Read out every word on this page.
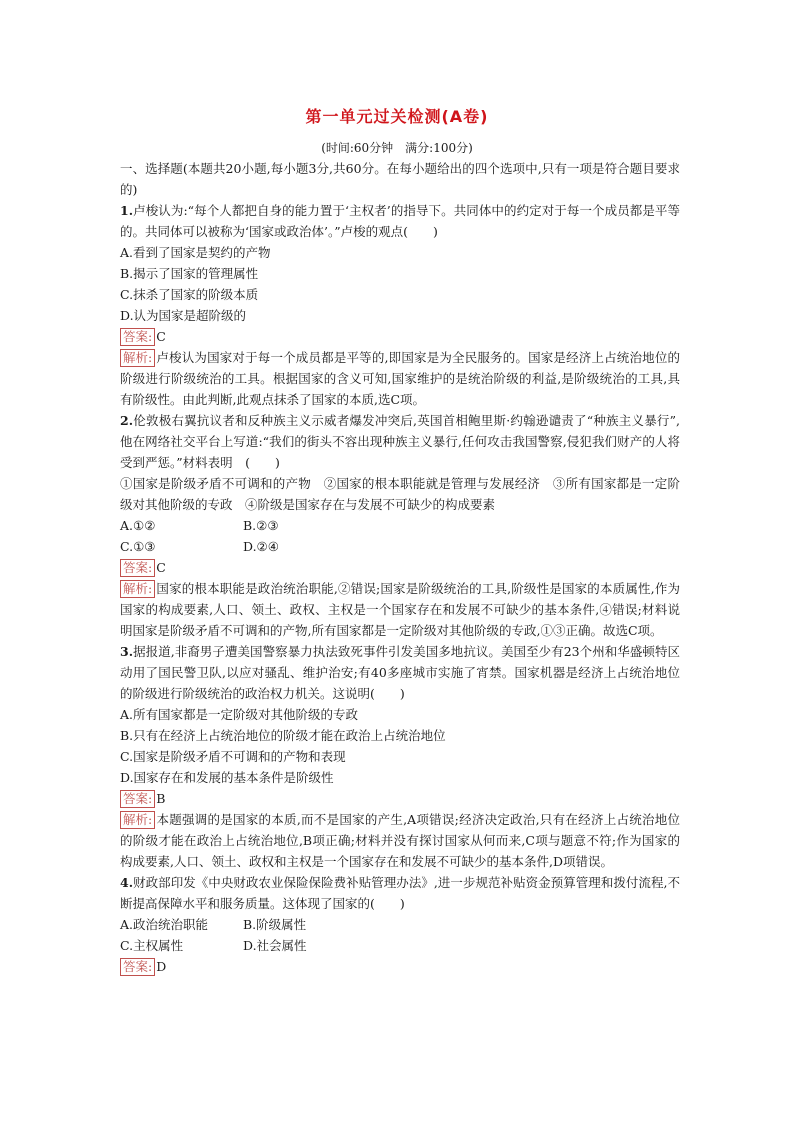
第一单元过关检测(A卷)
(时间:60分钟　满分:100分)

一、选择题(本题共20小题,每小题3分,共60分。在每小题给出的四个选项中,只有一项是符合题目要求的)

1.卢梭认为:“每个人都把自身的能力置于‘主权者’的指导下。共同体中的约定对于每一个成员都是平等的。共同体可以被称为‘国家或政治体’。”卢梭的观点(　　)

A.看到了国家是契约的产物

B.揭示了国家的管理属性

C.抹杀了国家的阶级本质

D.认为国家是超阶级的

答案: C

解析: 卢梭认为国家对于每一个成员都是平等的,即国家是为全民服务的。国家是经济上占统治地位的阶级进行阶级统治的工具。根据国家的含义可知,国家维护的是统治阶级的利益,是阶级统治的工具,具有阶级性。由此判断,此观点抹杀了国家的本质,选C项。

2.伦敦极右翼抗议者和反种族主义示威者爆发冲突后,英国首相鲍里斯·约翰逊谴责了“种族主义暴行”,他在网络社交平台上写道:“我们的街头不容出现种族主义暴行,任何攻击我国警察,侵犯我们财产的人将受到严惩。”材料表明　(　　)

①国家是阶级矛盾不可调和的产物　②国家的根本职能就是管理与发展经济　③所有国家都是一定阶级对其他阶级的专政　④阶级是国家存在与发展不可缺少的构成要素

A.①②	B.②③
C.①③	D.②④

答案: C

解析: 国家的根本职能是政治统治职能,②错误;国家是阶级统治的工具,阶级性是国家的本质属性,作为国家的构成要素,人口、领土、政权、主权是一个国家存在和发展不可缺少的基本条件,④错误;材料说明国家是阶级矛盾不可调和的产物,所有国家都是一定阶级对其他阶级的专政,①③正确。故选C项。

3.据报道,非裔男子遭美国警察暴力执法致死事件引发美国多地抗议。美国至少有23个州和华盛顿特区动用了国民警卫队,以应对骚乱、维护治安;有40多座城市实施了宵禁。国家机器是经济上占统治地位的阶级进行阶级统治的政治权力机关。这说明(　　)

A.所有国家都是一定阶级对其他阶级的专政

B.只有在经济上占统治地位的阶级才能在政治上占统治地位

C.国家是阶级矛盾不可调和的产物和表现

D.国家存在和发展的基本条件是阶级性

答案: B

解析: 本题强调的是国家的本质,而不是国家的产生,A项错误;经济决定政治,只有在经济上占统治地位的阶级才能在政治上占统治地位,B项正确;材料并没有探讨国家从何而来,C项与题意不符;作为国家的构成要素,人口、领土、政权和主权是一个国家存在和发展不可缺少的基本条件,D项错误。

4.财政部印发《中央财政农业保险保险费补贴管理办法》,进一步规范补贴资金预算管理和拨付流程,不断提高保障水平和服务质量。这体现了国家的(　　)

A.政治统治职能	B.阶级属性
C.主权属性	D.社会属性

答案: D
